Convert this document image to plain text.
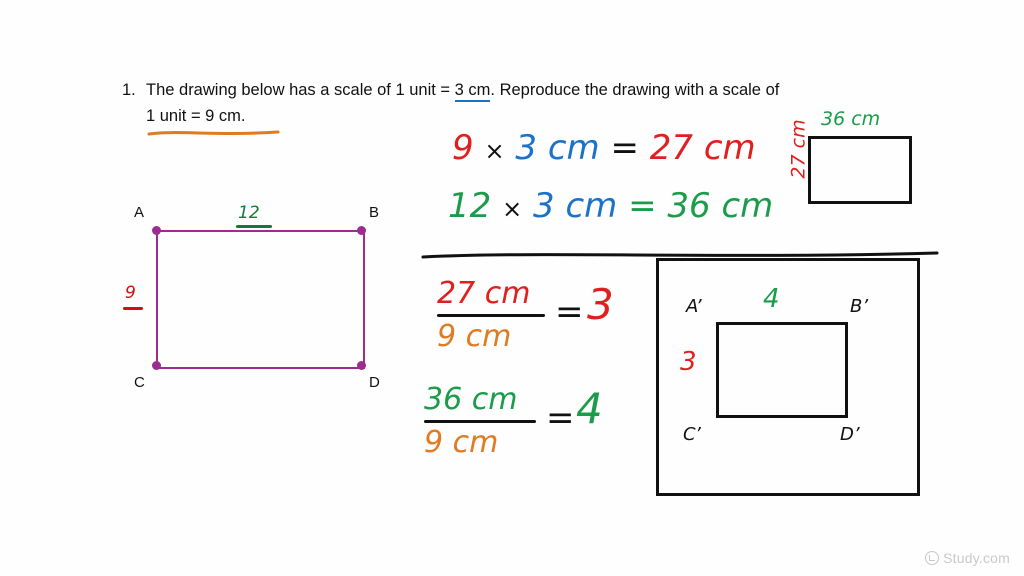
1. The drawing below has a scale of 1 unit = 3 cm. Reproduce the drawing with a scale of
1 unit = 9 cm.
A	B
C	D
12
9
9 × 3 cm = 27 cm
12 × 3 cm = 36 cm
36 cm
27 cm
27 cm
9 cm
= 3
36 cm
9 cm
= 4
A’	B’
C’	D’
4
3
Study.com
